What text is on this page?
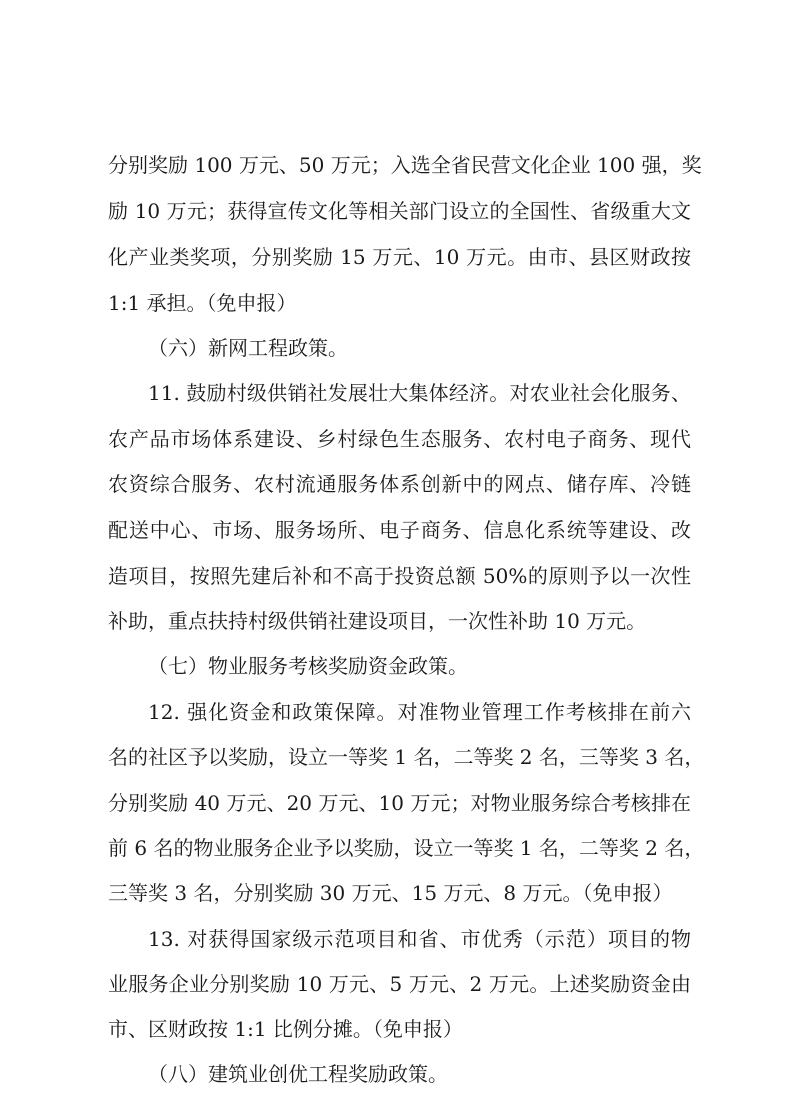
分别奖励 100 万元、50 万元；入选全省民营文化企业 100 强，奖
励 10 万元；获得宣传文化等相关部门设立的全国性、省级重大文
化产业类奖项，分别奖励 15 万元、10 万元。由市、县区财政按
1:1 承担。（免申报）
（六）新网工程政策。
11. 鼓励村级供销社发展壮大集体经济。对农业社会化服务、
农产品市场体系建设、乡村绿色生态服务、农村电子商务、现代
农资综合服务、农村流通服务体系创新中的网点、储存库、冷链
配送中心、市场、服务场所、电子商务、信息化系统等建设、改
造项目，按照先建后补和不高于投资总额 50%的原则予以一次性
补助，重点扶持村级供销社建设项目，一次性补助 10 万元。
（七）物业服务考核奖励资金政策。
12. 强化资金和政策保障。对准物业管理工作考核排在前六
名的社区予以奖励，设立一等奖 1 名，二等奖 2 名，三等奖 3 名，
分别奖励 40 万元、20 万元、10 万元；对物业服务综合考核排在
前 6 名的物业服务企业予以奖励，设立一等奖 1 名，二等奖 2 名，
三等奖 3 名，分别奖励 30 万元、15 万元、8 万元。（免申报）
13. 对获得国家级示范项目和省、市优秀（示范）项目的物
业服务企业分别奖励 10 万元、5 万元、2 万元。上述奖励资金由
市、区财政按 1:1 比例分摊。（免申报）
（八）建筑业创优工程奖励政策。
